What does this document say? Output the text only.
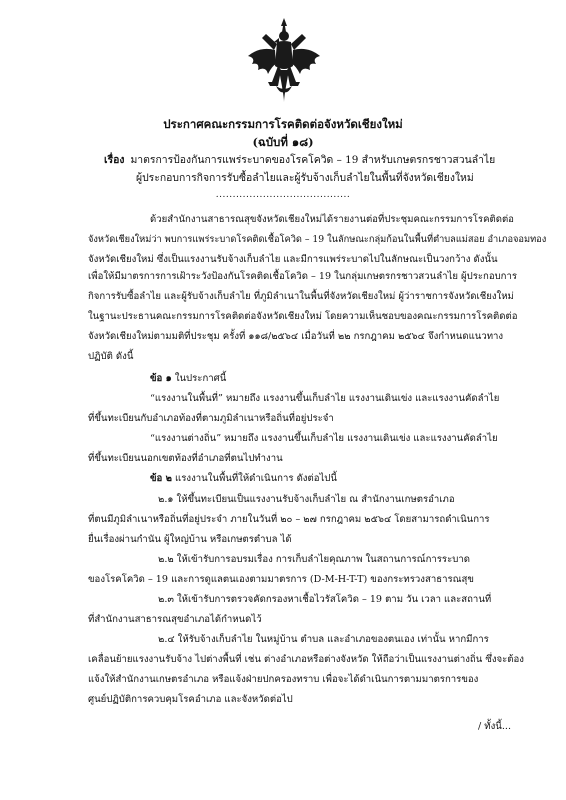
ประกาศคณะกรรมการโรคติดต่อจังหวัดเชียงใหม่
(ฉบับที่ ๑๘)
เรื่อง มาตรการป้องกันการแพร่ระบาดของโรคโควิด – 19 สำหรับเกษตรกรชาวสวนลำไย
ผู้ประกอบการกิจการรับซื้อลำไยและผู้รับจ้างเก็บลำไยในพื้นที่จังหวัดเชียงใหม่
........................................
ด้วยสำนักงานสาธารณสุขจังหวัดเชียงใหม่ได้รายงานต่อที่ประชุมคณะกรรมการโรคติดต่อ
จังหวัดเชียงใหม่ว่า พบการแพร่ระบาดโรคติดเชื้อโควิด – 19 ในลักษณะกลุ่มก้อนในพื้นที่ตำบลแม่สอย อำเภอจอมทอง
จังหวัดเชียงใหม่ ซึ่งเป็นแรงงานรับจ้างเก็บลำไย และมีการแพร่ระบาดไปในลักษณะเป็นวงกว้าง ดังนั้น
เพื่อให้มีมาตรการการเฝ้าระวังป้องกันโรคติดเชื้อโควิด – 19 ในกลุ่มเกษตรกรชาวสวนลำไย ผู้ประกอบการ
กิจการรับซื้อลำไย และผู้รับจ้างเก็บลำไย ที่ภูมิลำเนาในพื้นที่จังหวัดเชียงใหม่ ผู้ว่าราชการจังหวัดเชียงใหม่
ในฐานะประธานคณะกรรมการโรคติดต่อจังหวัดเชียงใหม่ โดยความเห็นชอบของคณะกรรมการโรคติดต่อ
จังหวัดเชียงใหม่ตามมติที่ประชุม ครั้งที่ ๑๑๘/๒๕๖๔ เมื่อวันที่ ๒๒ กรกฎาคม ๒๕๖๔ จึงกำหนดแนวทาง
ปฏิบัติ ดังนี้
ข้อ ๑ ในประกาศนี้
“แรงงานในพื้นที่” หมายถึง แรงงานขึ้นเก็บลำไย แรงงานเดินเข่ง และแรงงานคัดลำไย
ที่ขึ้นทะเบียนกับอำเภอท้องที่ตามภูมิลำเนาหรือถิ่นที่อยู่ประจำ
“แรงงานต่างถิ่น” หมายถึง แรงงานขึ้นเก็บลำไย แรงงานเดินเข่ง และแรงงานคัดลำไย
ที่ขึ้นทะเบียนนอกเขตท้องที่อำเภอที่ตนไปทำงาน
ข้อ ๒ แรงงานในพื้นที่ให้ดำเนินการ ดังต่อไปนี้
๒.๑ ให้ขึ้นทะเบียนเป็นแรงงานรับจ้างเก็บลำไย ณ สำนักงานเกษตรอำเภอ
ที่ตนมีภูมิลำเนาหรือถิ่นที่อยู่ประจำ ภายในวันที่ ๒๐ – ๒๗ กรกฎาคม ๒๕๖๔ โดยสามารถดำเนินการ
ยื่นเรื่องผ่านกำนัน ผู้ใหญ่บ้าน หรือเกษตรตำบล ได้
๒.๒ ให้เข้ารับการอบรมเรื่อง การเก็บลำไยคุณภาพ ในสถานการณ์การระบาด
ของโรคโควิด – 19 และการดูแลตนเองตามมาตรการ (D-M-H-T-T) ของกระทรวงสาธารณสุข
๒.๓ ให้เข้ารับการตรวจคัดกรองหาเชื้อไวรัสโควิด – 19 ตาม วัน เวลา และสถานที่
ที่สำนักงานสาธารณสุขอำเภอได้กำหนดไว้
๒.๔ ให้รับจ้างเก็บลำไย ในหมู่บ้าน ตำบล และอำเภอของตนเอง เท่านั้น หากมีการ
เคลื่อนย้ายแรงงานรับจ้าง ไปต่างพื้นที่ เช่น ต่างอำเภอหรือต่างจังหวัด ให้ถือว่าเป็นแรงงานต่างถิ่น ซึ่งจะต้อง
แจ้งให้สำนักงานเกษตรอำเภอ หรือแจ้งฝ่ายปกครองทราบ เพื่อจะได้ดำเนินการตามมาตรการของ
ศูนย์ปฏิบัติการควบคุมโรคอำเภอ และจังหวัดต่อไป
/ ทั้งนี้...
